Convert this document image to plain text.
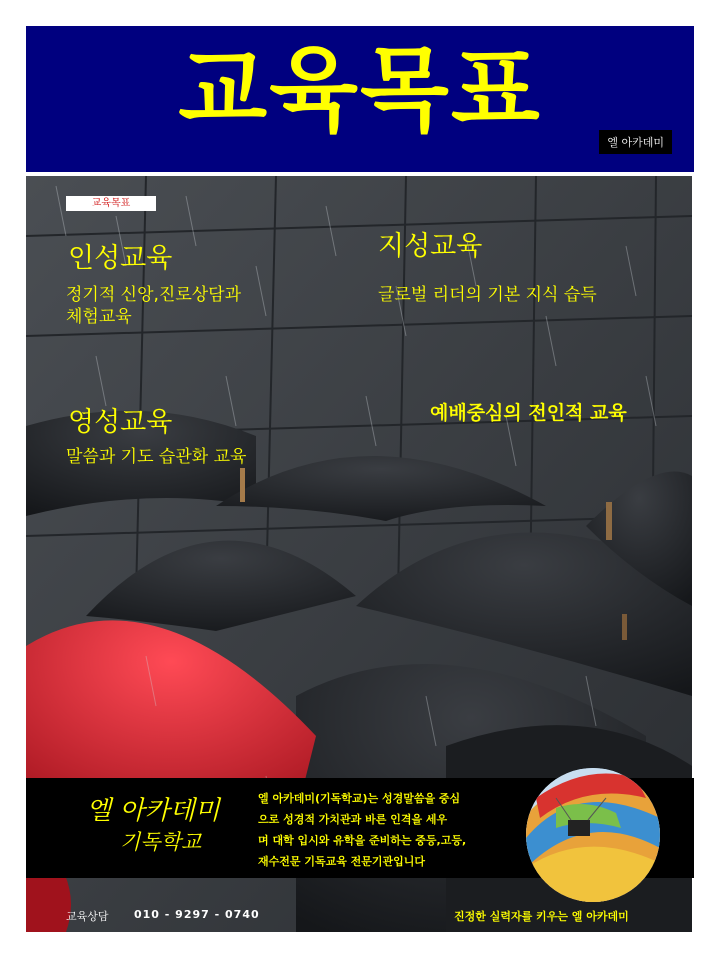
교육목표	엘 아카데미
교육목표
인성교육
정기적 신앙,진로상담과
체험교육
지성교육
글로벌 리더의 기본 지식 습득
영성교육
말씀과 기도 습관화 교육
예배중심의 전인적 교육
엘 아카데미
기독학교
엘 아카데미(기독학교)는 성경말씀을 중심
으로 성경적 가치관과 바른 인격을 세우
며 대학 입시와 유학을 준비하는 중등,고등,
재수전문 기독교육 전문기관입니다
교육상담 010 - 9297 - 0740	진정한 실력자를 키우는 엘 아카데미
